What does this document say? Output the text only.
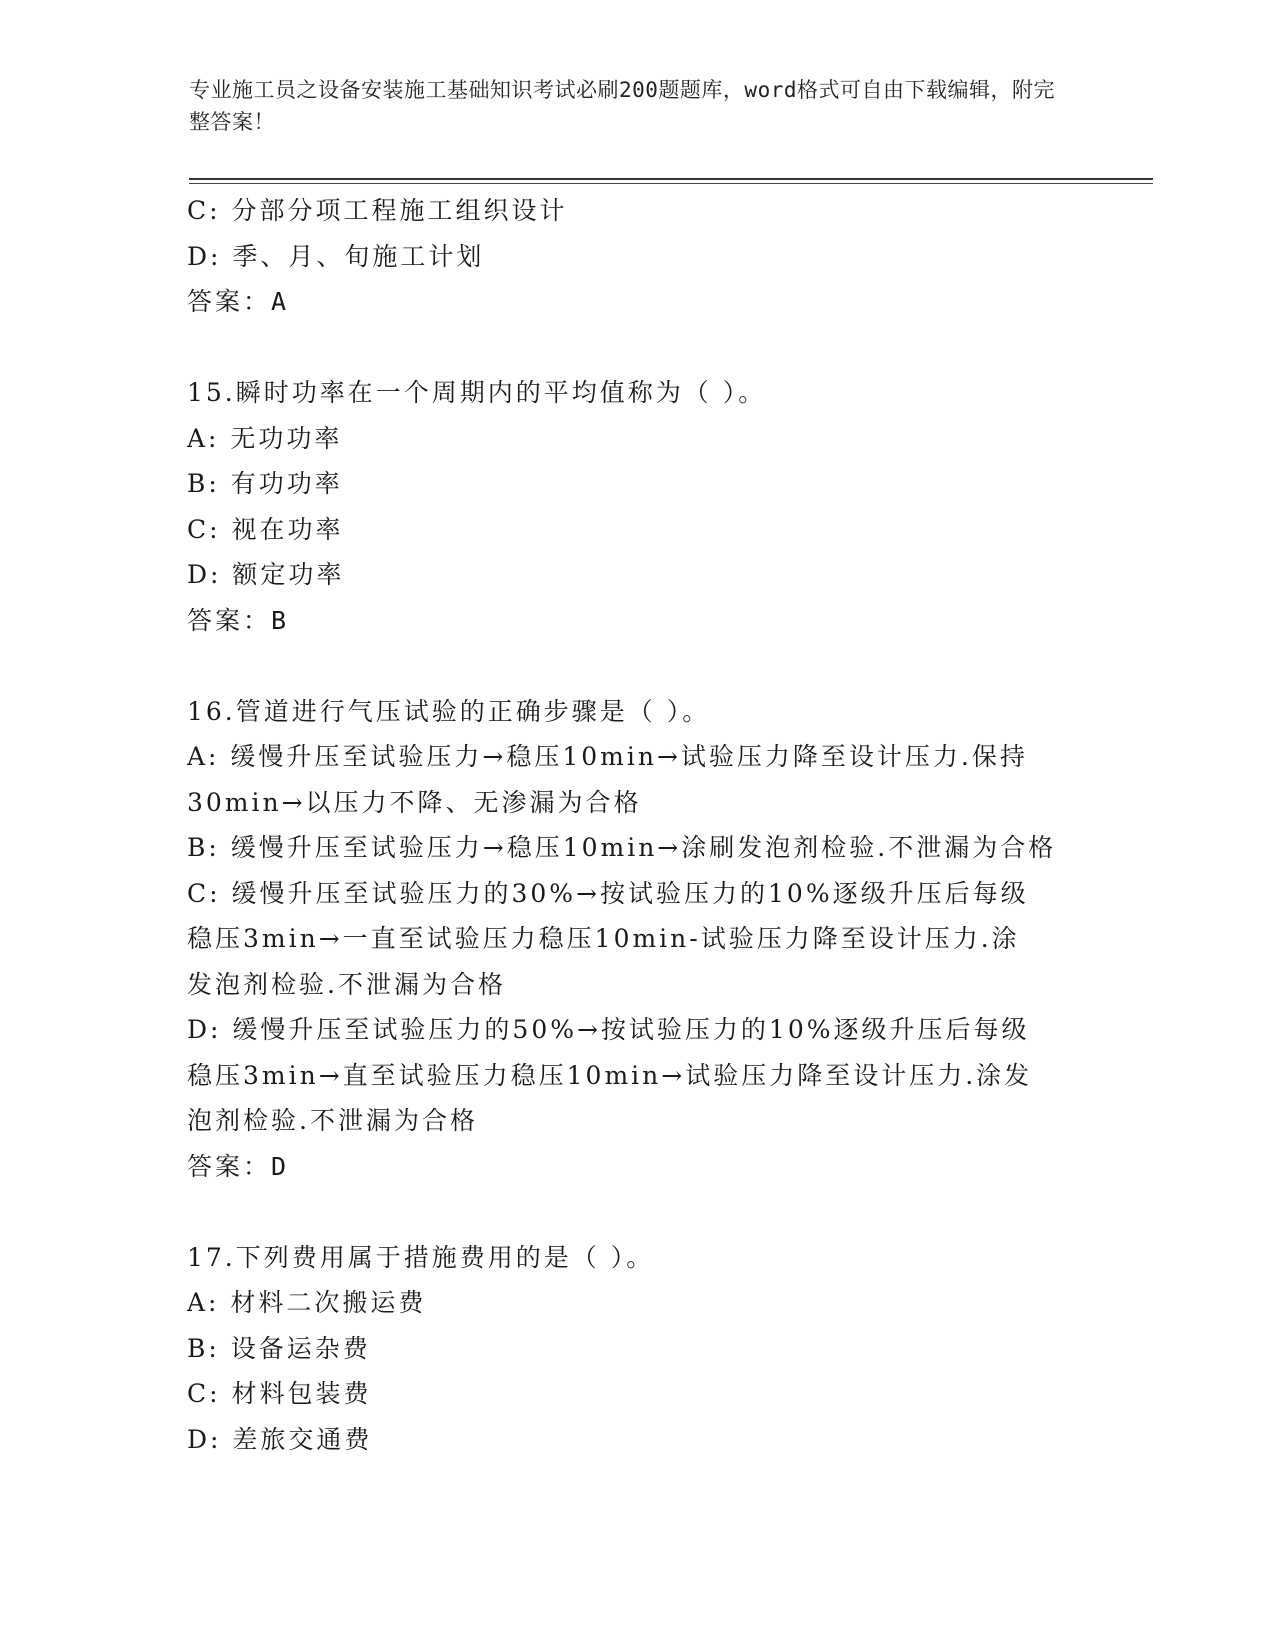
专业施工员之设备安装施工基础知识考试必刷200题题库，word格式可自由下载编辑，附完整答案！
C: 分部分项工程施工组织设计
D: 季、月、旬施工计划
答案：A
15.瞬时功率在一个周期内的平均值称为（ ）。
A: 无功功率
B: 有功功率
C: 视在功率
D: 额定功率
答案：B
16.管道进行气压试验的正确步骤是（ ）。
A: 缓慢升压至试验压力→稳压10min→试验压力降至设计压力.保持30min→以压力不降、无渗漏为合格
B: 缓慢升压至试验压力→稳压10min→涂刷发泡剂检验.不泄漏为合格
C: 缓慢升压至试验压力的30%→按试验压力的10%逐级升压后每级稳压3min→一直至试验压力稳压10min-试验压力降至设计压力.涂发泡剂检验.不泄漏为合格
D: 缓慢升压至试验压力的50%→按试验压力的10%逐级升压后每级稳压3min→直至试验压力稳压10min→试验压力降至设计压力.涂发泡剂检验.不泄漏为合格
答案：D
17.下列费用属于措施费用的是（ ）。
A: 材料二次搬运费
B: 设备运杂费
C: 材料包装费
D: 差旅交通费
